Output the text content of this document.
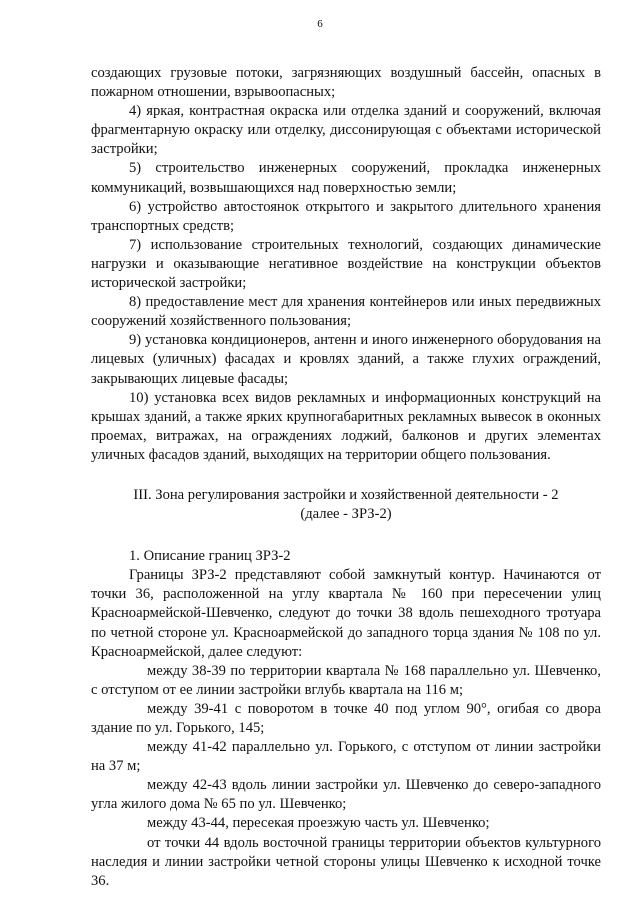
6

создающих грузовые потоки, загрязняющих воздушный бассейн, опасных в пожарном отношении, взрывоопасных;

4) яркая, контрастная окраска или отделка зданий и сооружений, включая фрагментарную окраску или отделку, диссонирующая с объектами исторической застройки;

5) строительство инженерных сооружений, прокладка инженерных коммуникаций, возвышающихся над поверхностью земли;

6) устройство автостоянок открытого и закрытого длительного хранения транспортных средств;

7) использование строительных технологий, создающих динамические нагрузки и оказывающие негативное воздействие на конструкции объектов исторической застройки;

8) предоставление мест для хранения контейнеров или иных передвижных сооружений хозяйственного пользования;

9) установка кондиционеров, антенн и иного инженерного оборудования на лицевых (уличных) фасадах и кровлях зданий, а также глухих ограждений, закрывающих лицевые фасады;

10) установка всех видов рекламных и информационных конструкций на крышах зданий, а также ярких крупногабаритных рекламных вывесок в оконных проемах, витражах, на ограждениях лоджий, балконов и других элементах уличных фасадов зданий, выходящих на территории общего пользования.

III. Зона регулирования застройки и хозяйственной деятельности - 2
(далее - ЗРЗ-2)

1. Описание границ ЗРЗ-2

Границы ЗРЗ-2 представляют собой замкнутый контур. Начинаются от точки 36, расположенной на углу квартала № 160 при пересечении улиц Красноармейской-Шевченко, следуют до точки 38 вдоль пешеходного тротуара по четной стороне ул. Красноармейской до западного торца здания № 108 по ул. Красноармейской, далее следуют:

между 38-39 по территории квартала № 168 параллельно ул. Шевченко, с отступом от ее линии застройки вглубь квартала на 116 м;

между 39-41 с поворотом в точке 40 под углом 90°, огибая со двора здание по ул. Горького, 145;

между 41-42 параллельно ул. Горького, с отступом от линии застройки на 37 м;

между 42-43 вдоль линии застройки ул. Шевченко до северо-западного угла жилого дома № 65 по ул. Шевченко;

между 43-44, пересекая проезжую часть ул. Шевченко;

от точки 44 вдоль восточной границы территории объектов культурного наследия и линии застройки четной стороны улицы Шевченко к исходной точке 36.
